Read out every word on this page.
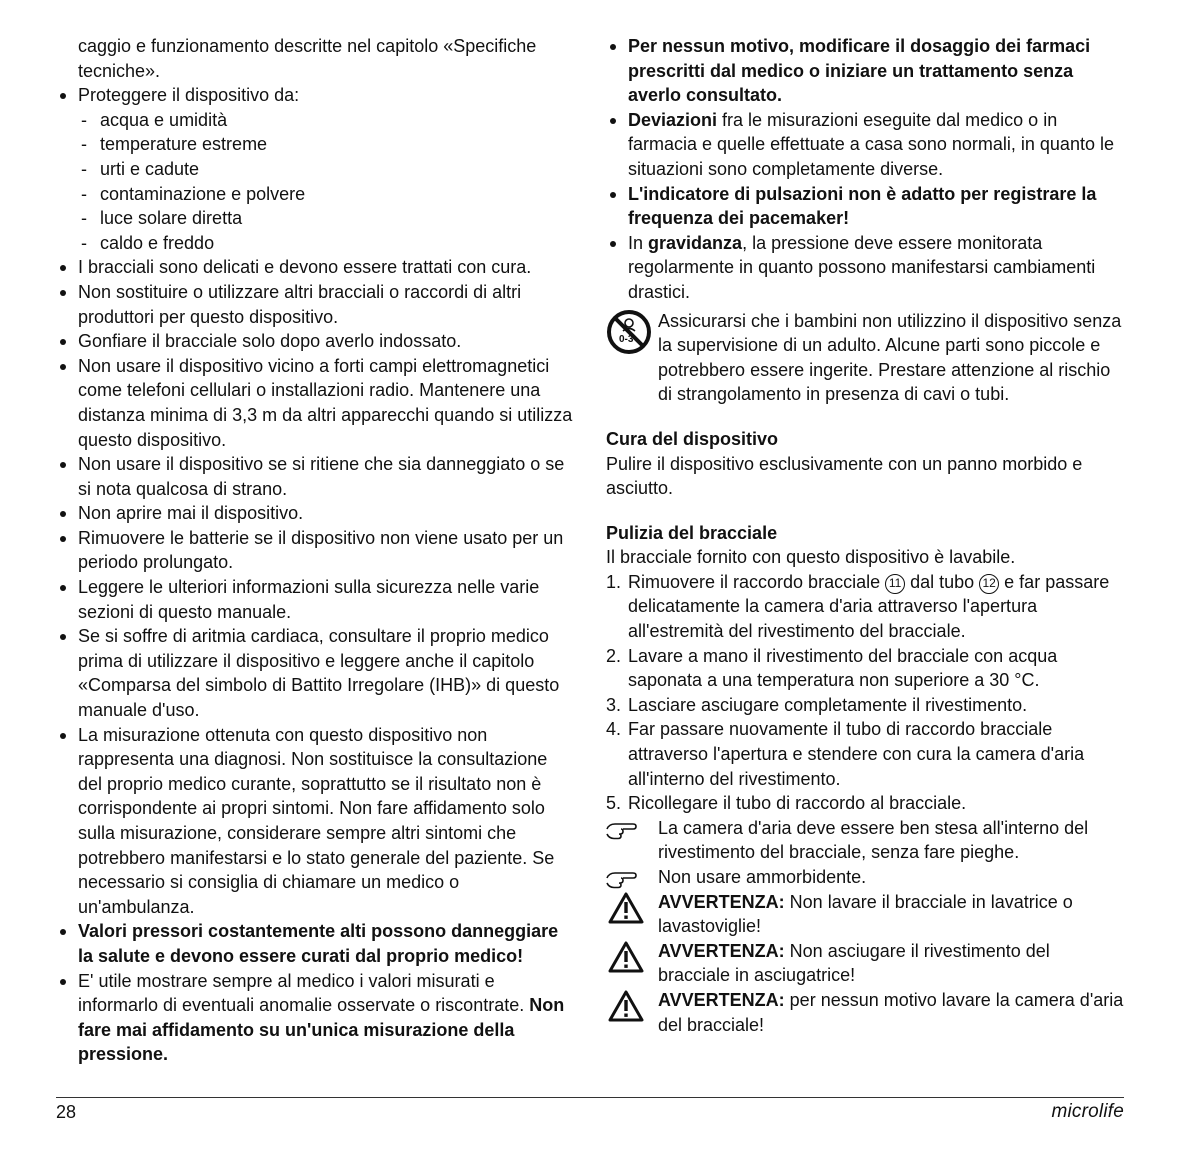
caggio e funzionamento descritte nel capitolo «Specifiche tecniche».

Proteggere il dispositivo da:
- acqua e umidità
- temperature estreme
- urti e cadute
- contaminazione e polvere
- luce solare diretta
- caldo e freddo
I bracciali sono delicati e devono essere trattati con cura.
Non sostituire o utilizzare altri bracciali o raccordi di altri produttori per questo dispositivo.
Gonfiare il bracciale solo dopo averlo indossato.
Non usare il dispositivo vicino a forti campi elettromagnetici come telefoni cellulari o installazioni radio. Mantenere una distanza minima di 3,3 m da altri apparecchi quando si utilizza questo dispositivo.
Non usare il dispositivo se si ritiene che sia danneggiato o se si nota qualcosa di strano.
Non aprire mai il dispositivo.
Rimuovere le batterie se il dispositivo non viene usato per un periodo prolungato.
Leggere le ulteriori informazioni sulla sicurezza nelle varie sezioni di questo manuale.
Se si soffre di aritmia cardiaca, consultare il proprio medico prima di utilizzare il dispositivo e leggere anche il capitolo «Comparsa del simbolo di Battito Irregolare (IHB)» di questo manuale d'uso.
La misurazione ottenuta con questo dispositivo non rappresenta una diagnosi. Non sostituisce la consultazione del proprio medico curante, soprattutto se il risultato non è corrispondente ai propri sintomi. Non fare affidamento solo sulla misurazione, considerare sempre altri sintomi che potrebbero manifestarsi e lo stato generale del paziente. Se necessario si consiglia di chiamare un medico o un'ambulanza.
Valori pressori costantemente alti possono danneggiare la salute e devono essere curati dal proprio medico!
E' utile mostrare sempre al medico i valori misurati e informarlo di eventuali anomalie osservate o riscontrate. Non fare mai affidamento su un'unica misurazione della pressione.
Per nessun motivo, modificare il dosaggio dei farmaci prescritti dal medico o iniziare un trattamento senza averlo consultato.
Deviazioni fra le misurazioni eseguite dal medico o in farmacia e quelle effettuate a casa sono normali, in quanto le situazioni sono completamente diverse.
L'indicatore di pulsazioni non è adatto per registrare la frequenza dei pacemaker!
In gravidanza, la pressione deve essere monitorata regolarmente in quanto possono manifestarsi cambiamenti drastici.
0-3

Assicurarsi che i bambini non utilizzino il dispositivo senza la supervisione di un adulto. Alcune parti sono piccole e potrebbero essere ingerite. Prestare attenzione al rischio di strangolamento in presenza di cavi o tubi.

Cura del dispositivo

Pulire il dispositivo esclusivamente con un panno morbido e asciutto.

Pulizia del bracciale

Il bracciale fornito con questo dispositivo è lavabile.

1. Rimuovere il raccordo bracciale 11 dal tubo 12 e far passare delicatamente la camera d'aria attraverso l'apertura all'estremità del rivestimento del bracciale.
2. Lavare a mano il rivestimento del bracciale con acqua saponata a una temperatura non superiore a 30 °C.
3. Lasciare asciugare completamente il rivestimento.
4. Far passare nuovamente il tubo di raccordo bracciale attraverso l'apertura e stendere con cura la camera d'aria all'interno del rivestimento.
5. Ricollegare il tubo di raccordo al bracciale.

La camera d'aria deve essere ben stesa all'interno del rivestimento del bracciale, senza fare pieghe.

Non usare ammorbidente.

AVVERTENZA: Non lavare il bracciale in lavatrice o lavastoviglie!

AVVERTENZA: Non asciugare il rivestimento del bracciale in asciugatrice!

AVVERTENZA: per nessun motivo lavare la camera d'aria del bracciale!

28	microlife
